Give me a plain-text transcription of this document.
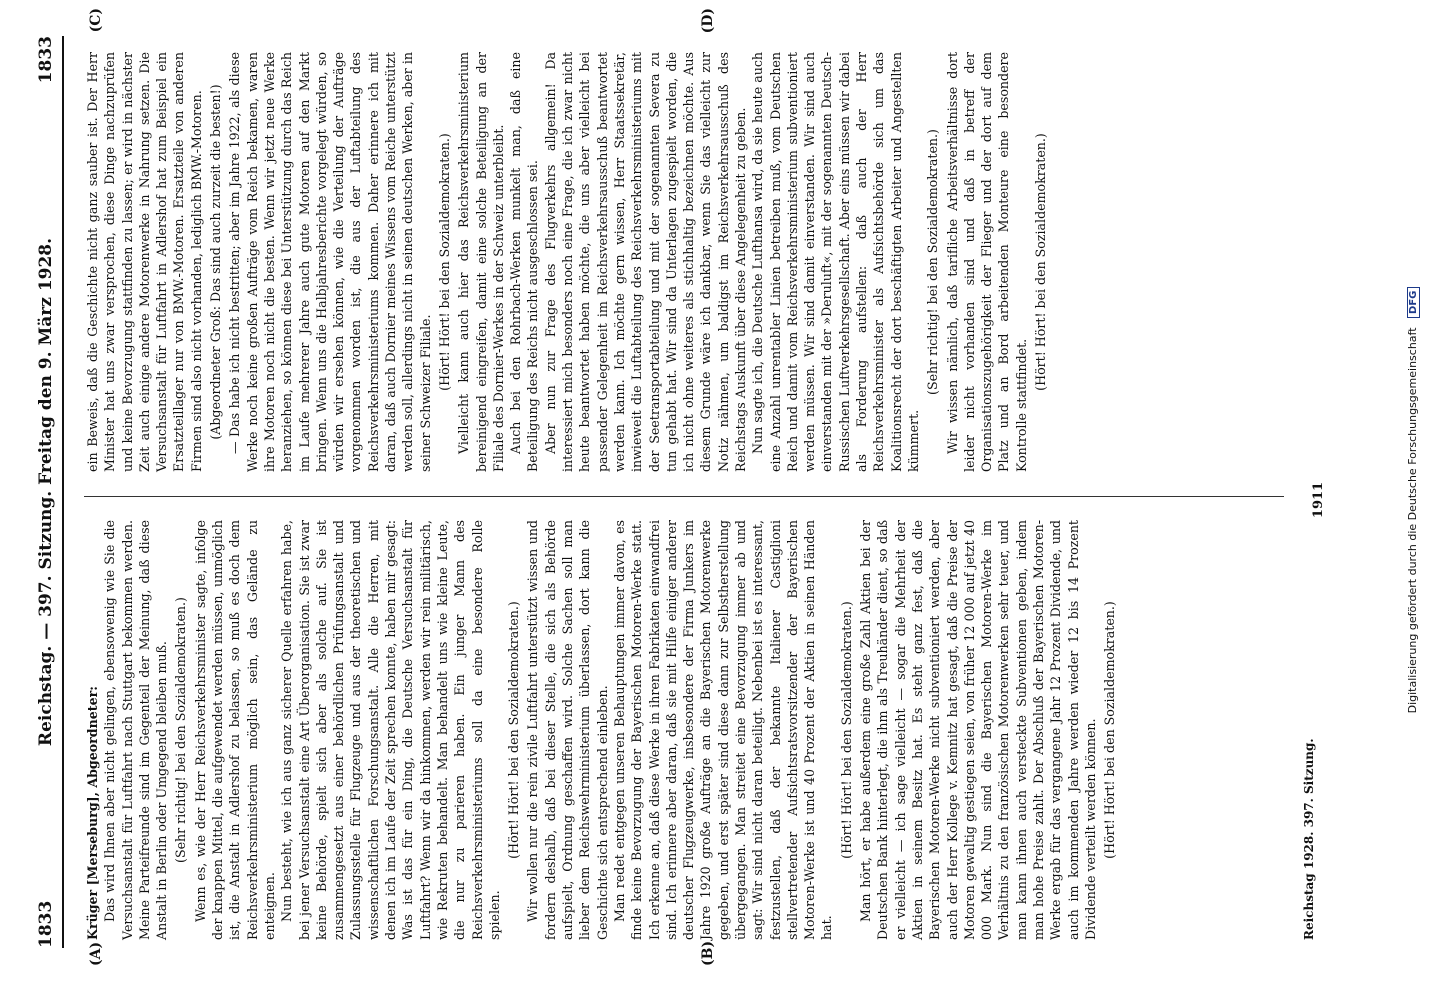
1833
Reichstag. — 397. Sitzung. Freitag den 9. März 1928.
1833
(A)	(B)
(C)	(D)

Krüger [Merseburg], Abgeordneter: Das wird Ihnen aber nicht gelingen, ebensowenig wie Sie die Versuchsanstalt für Luftfahrt nach Stuttgart bekommen werden. Meine Parteifreunde sind im Gegenteil der Meinung, daß diese Anstalt in Berlin oder Umgegend bleiben muß. (Sehr richtig! bei den Sozialdemokraten.) Wenn es, wie der Herr Reichsverkehrsminister sagte, infolge der knappen Mittel, die aufgewendet werden müssen, unmöglich ist, die Anstalt in Adlershof zu belassen, so muß es doch dem Reichsverkehrsministerium möglich sein, das Gelände zu enteignen. Nun besteht, wie ich aus ganz sicherer Quelle erfahren habe, bei jener Versuchsanstalt eine Art Überorganisation. Sie ist zwar keine Behörde, spielt sich aber als solche auf. Sie ist zusammengesetzt aus einer behördlichen Prüfungsanstalt und Zulassungsstelle für Flugzeuge und aus der theoretischen und wissenschaftlichen Forschungsanstalt. Alle die Herren, mit denen ich im Laufe der Zeit sprechen konnte, haben mir gesagt: Was ist das für ein Ding, die Deutsche Versuchsanstalt für Luftfahrt? Wenn wir da hinkommen, werden wir rein militärisch, wie Rekruten behandelt. Man behandelt uns wie kleine Leute, die nur zu parieren haben. Ein junger Mann des Reichsverkehrsministeriums soll da eine besondere Rolle spielen.

(Hört! Hört! bei den Sozialdemokraten.) Wir wollen nur die rein zivile Luftfahrt unterstützt wissen und fordern deshalb, daß bei dieser Stelle, die sich als Behörde aufspielt, Ordnung geschaffen wird. Solche Sachen soll man lieber dem Reichswehrministerium überlassen, dort kann die Geschichte sich entsprechend einleben. Man redet entgegen unseren Behauptungen immer davon, es finde keine Bevorzugung der Bayerischen Motoren-Werke statt. Ich erkenne an, daß diese Werke in ihren Fabrikaten einwandfrei sind. Ich erinnere aber daran, daß sie mit Hilfe einiger anderer deutscher Flugzeugwerke, insbesondere der Firma Junkers im Jahre 1920 große Aufträge an die Bayerischen Motorenwerke gegeben, und erst später sind diese dann zur Selbstherstellung übergegangen. Man streitet eine Bevorzugung immer ab und sagt: Wir sind nicht daran beteiligt. Nebenbei ist es interessant, festzustellen, daß der bekannte Italiener Castiglioni stellvertretender Aufsichtsratsvorsitzender der Bayerischen Motoren-Werke ist und 40 Prozent der Aktien in seinen Händen hat.

(Hört! Hört! bei den Sozialdemokraten.) Man hört, er habe außerdem eine große Zahl Aktien bei der Deutschen Bank hinterlegt, die ihm als Treuhänder dient, so daß er vielleicht — ich sage vielleicht — sogar die Mehrheit der Aktien in seinem Besitz hat. Es steht ganz fest, daß die Bayerischen Motoren-Werke nicht subventioniert werden, aber auch der Herr Kollege v. Kemnitz hat gesagt, daß die Preise der Motoren gewaltig gestiegen seien, von früher 12 000 auf jetzt 40 000 Mark. Nun sind die Bayerischen Motoren-Werke im Verhältnis zu den französischen Motorenwerken sehr teuer, und man kann ihnen auch versteckte Subventionen geben, indem man hohe Preise zahlt. Der Abschluß der Bayerischen Motoren-Werke ergab für das vergangene Jahr 12 Prozent Dividende, und auch im kommenden Jahre werden wieder 12 bis 14 Prozent Dividende verteilt werden können. (Hört! Hört! bei den Sozialdemokraten.)

ein Beweis, daß die Geschichte nicht ganz sauber ist. Der Herr Minister hat uns zwar versprochen, diese Dinge nachzuprüfen und keine Bevorzugung stattfinden zu lassen; er wird in nächster Zeit auch einige andere Motorenwerke in Nahrung setzen. Die Versuchsanstalt für Luftfahrt in Adlershof hat zum Beispiel ein Ersatzteillager nur von BMW.-Motoren. Ersatzteile von anderen Firmen sind also nicht vorhanden, lediglich BMW.-Motoren. (Abgeordneter Groß: Das sind auch zurzeit die besten!) — Das habe ich nicht bestritten; aber im Jahre 1922, als diese Werke noch keine großen Aufträge vom Reich bekamen, waren ihre Motoren noch nicht die besten. Wenn wir jetzt neue Werke heranziehen, so können diese bei Unterstützung durch das Reich im Laufe mehrerer Jahre auch gute Motoren auf den Markt bringen. Wenn uns die Halbjahresberichte vorgelegt würden, so würden wir ersehen können, wie die Verteilung der Aufträge vorgenommen worden ist, die aus der Luftabteilung des Reichsverkehrsministeriums kommen. Daher erinnere ich mit daran, daß auch Dornier meines Wissens vom Reiche unterstützt werden soll, allerdings nicht in seinen deutschen Werken, aber in seiner Schweizer Filiale.

(Hört! Hört! bei den Sozialdemokraten.) Vielleicht kann auch hier das Reichsverkehrsministerium bereinigend eingreifen, damit eine solche Beteiligung an der Filiale des Dornier-Werkes in der Schweiz unterbleibt. Auch bei den Rohrbach-Werken munkelt man, daß eine Beteiligung des Reichs nicht ausgeschlossen sei. Aber nun zur Frage des Flugverkehrs allgemein! Da interessiert mich besonders noch eine Frage, die ich zwar nicht heute beantwortet haben möchte, die uns aber vielleicht bei passender Gelegenheit im Reichsverkehrsausschuß beantwortet werden kann. Ich möchte gern wissen, Herr Staatssekretär, inwieweit die Luftabteilung des Reichsverkehrsministeriums mit der Seetransportabteilung und mit der sogenannten Severa zu tun gehabt hat. Wir sind da Unterlagen zugespielt worden, die ich nicht ohne weiteres als stichhaltig bezeichnen möchte. Aus diesem Grunde wäre ich dankbar, wenn Sie das vielleicht zur Notiz nähmen, um baldigst im Reichsverkehrsausschuß des Reichstags Auskunft über diese Angelegenheit zu geben. Nun sagte ich, die Deutsche Lufthansa wird, da sie heute auch eine Anzahl unrentabler Linien betreiben muß, vom Deutschen Reich und damit vom Reichsverkehrsministerium subventioniert werden müssen. Wir sind damit einverstanden. Wir sind auch einverstanden mit der »Deruluft«, mit der sogenannten Deutsch-Russischen Luftverkehrsgesellschaft. Aber eins müssen wir dabei als Forderung aufstellen: daß auch der Herr Reichsverkehrsminister als Aufsichtsbehörde sich um das Koalitionsrecht der dort beschäftigten Arbeiter und Angestellten kümmert.

(Sehr richtig! bei den Sozialdemokraten.) Wir wissen nämlich, daß tarifliche Arbeitsverhältnisse dort leider nicht vorhanden sind und daß in betreff der Organisationszugehörigkeit der Flieger und der dort auf dem Platz und an Bord arbeitenden Monteure eine besondere Kontrolle stattfindet.

(Hört! Hört! bei den Sozialdemokraten.)

Reichstag 1928. 397. Sitzung.
1911	Digitalisierung gefördert durch die Deutsche Forschungsgemeinschaft DFG
